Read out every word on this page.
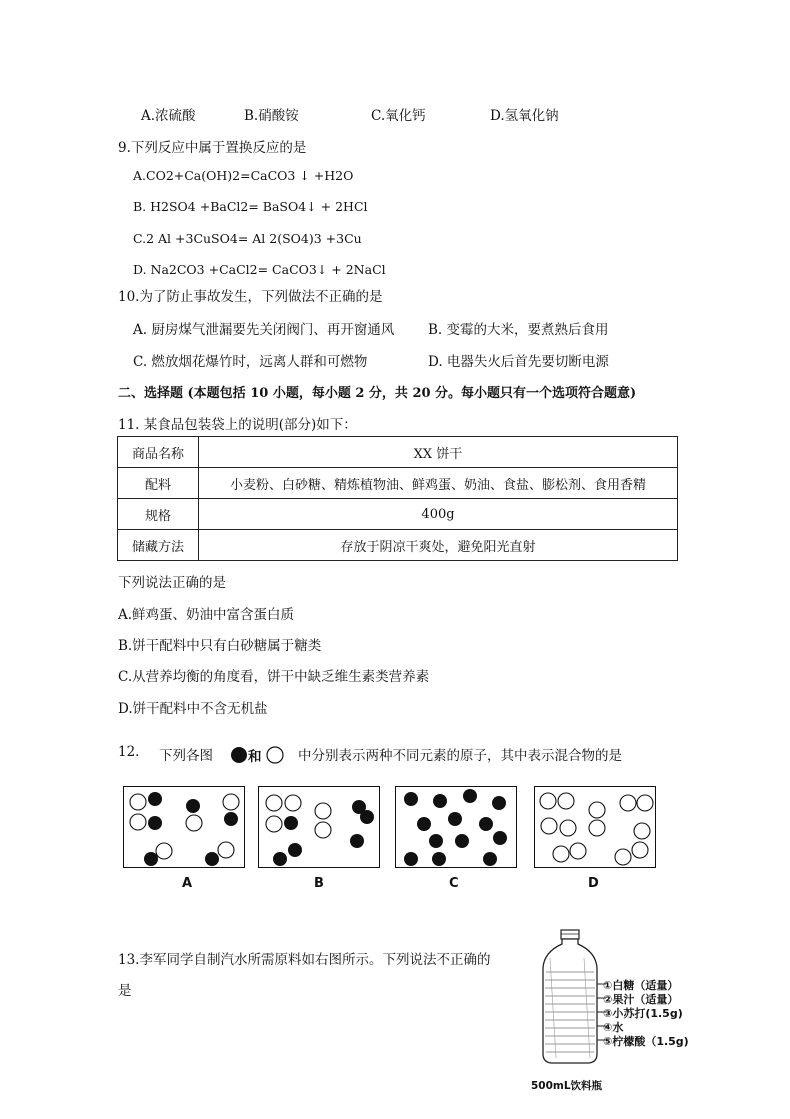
A.浓硫酸	B.硝酸铵	C.氧化钙	D.氢氧化钠
9.下列反应中属于置换反应的是
A.CO2+Ca(OH)2=CaCO3 ↓ +H2O
B. H2SO4 +BaCl2= BaSO4↓ + 2HCl
C.2 Al +3CuSO4= Al 2(SO4)3 +3Cu
D. Na2CO3 +CaCl2= CaCO3↓ + 2NaCl
10.为了防止事故发生，下列做法不正确的是
A. 厨房煤气泄漏要先关闭阀门、再开窗通风 B. 变霉的大米，要煮熟后食用
C. 燃放烟花爆竹时，远离人群和可燃物	D. 电器失火后首先要切断电源
二、选择题 (本题包括 10 小题，每小题 2 分，共 20 分。每小题只有一个选项符合题意)
11. 某食品包装袋上的说明(部分)如下：
商品名称	XX 饼干
配料	小麦粉、白砂糖、精炼植物油、鲜鸡蛋、奶油、食盐、膨松剂、食用香精
规格	400g
储藏方法	存放于阴凉干爽处，避免阳光直射
下列说法正确的是
A.鲜鸡蛋、奶油中富含蛋白质
B.饼干配料中只有白砂糖属于糖类
C.从营养均衡的角度看，饼干中缺乏维生素类营养素
D.饼干配料中不含无机盐
12. 下列各图	和	中分别表示两种不同元素的原子，其中表示混合物的是
A	B	C	D
13.李军同学自制汽水所需原料如右图所示。下列说法不正确的
是	①白糖（适量）
②果汁（适量）
③小苏打(1.5g)
④水
⑤柠檬酸（1.5g)
500mL饮料瓶
